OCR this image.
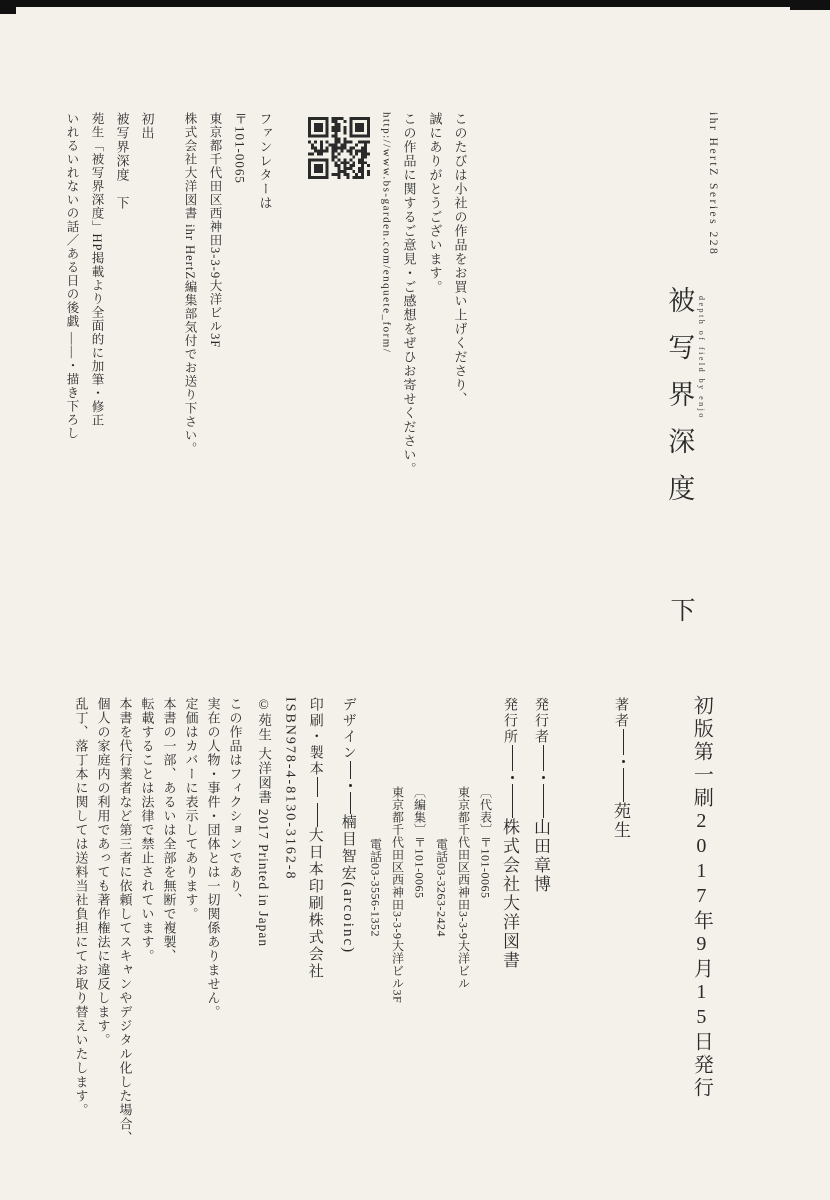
ihr HertZ Series 228
depth of field by enjo
被写界深度
下
このたびは小社の作品をお買い上げくださり、
誠にありがとうございます。
この作品に関するご意見・ご感想をぜひお寄せください。
http://www.bs-garden.com/enquete_form/
ファンレターは
〒101-0065
東京都千代田区西神田3-3-9大洋ビル3F
株式会社大洋図書 ihr HertZ編集部気付でお送り下さい。
初出
被写界深度　下
苑生「被写界深度」HP掲載より全面的に加筆・修正
いれるいれないの話／ある日の後戯 ——・描き下ろし
初版第一刷2017年9月15日発行
著者
苑生
発行者
山田章博
発行所
株式会社大洋図書
〔代表〕〒101-0065
東京都千代田区西神田3-3-9大洋ビル
電話03-3263-2424
〔編集〕〒101-0065
東京都千代田区西神田3-3-9大洋ビル3F
電話03-3556-1352
デザイン
楠目智宏(arcoinc)
印刷・製本
大日本印刷株式会社
ISBN978-4-8130-3162-8
©苑生 大洋図書 2017 Printed in Japan
この作品はフィクションであり、
実在の人物・事件・団体とは一切関係ありません。
定価はカバーに表示してあります。
本書の一部、あるいは全部を無断で複製、
転載することは法律で禁止されています。
本書を代行業者など第三者に依頼してスキャンやデジタル化した場合、
個人の家庭内の利用であっても著作権法に違反します。
乱丁、落丁本に関しては送料当社負担にてお取り替えいたします。
